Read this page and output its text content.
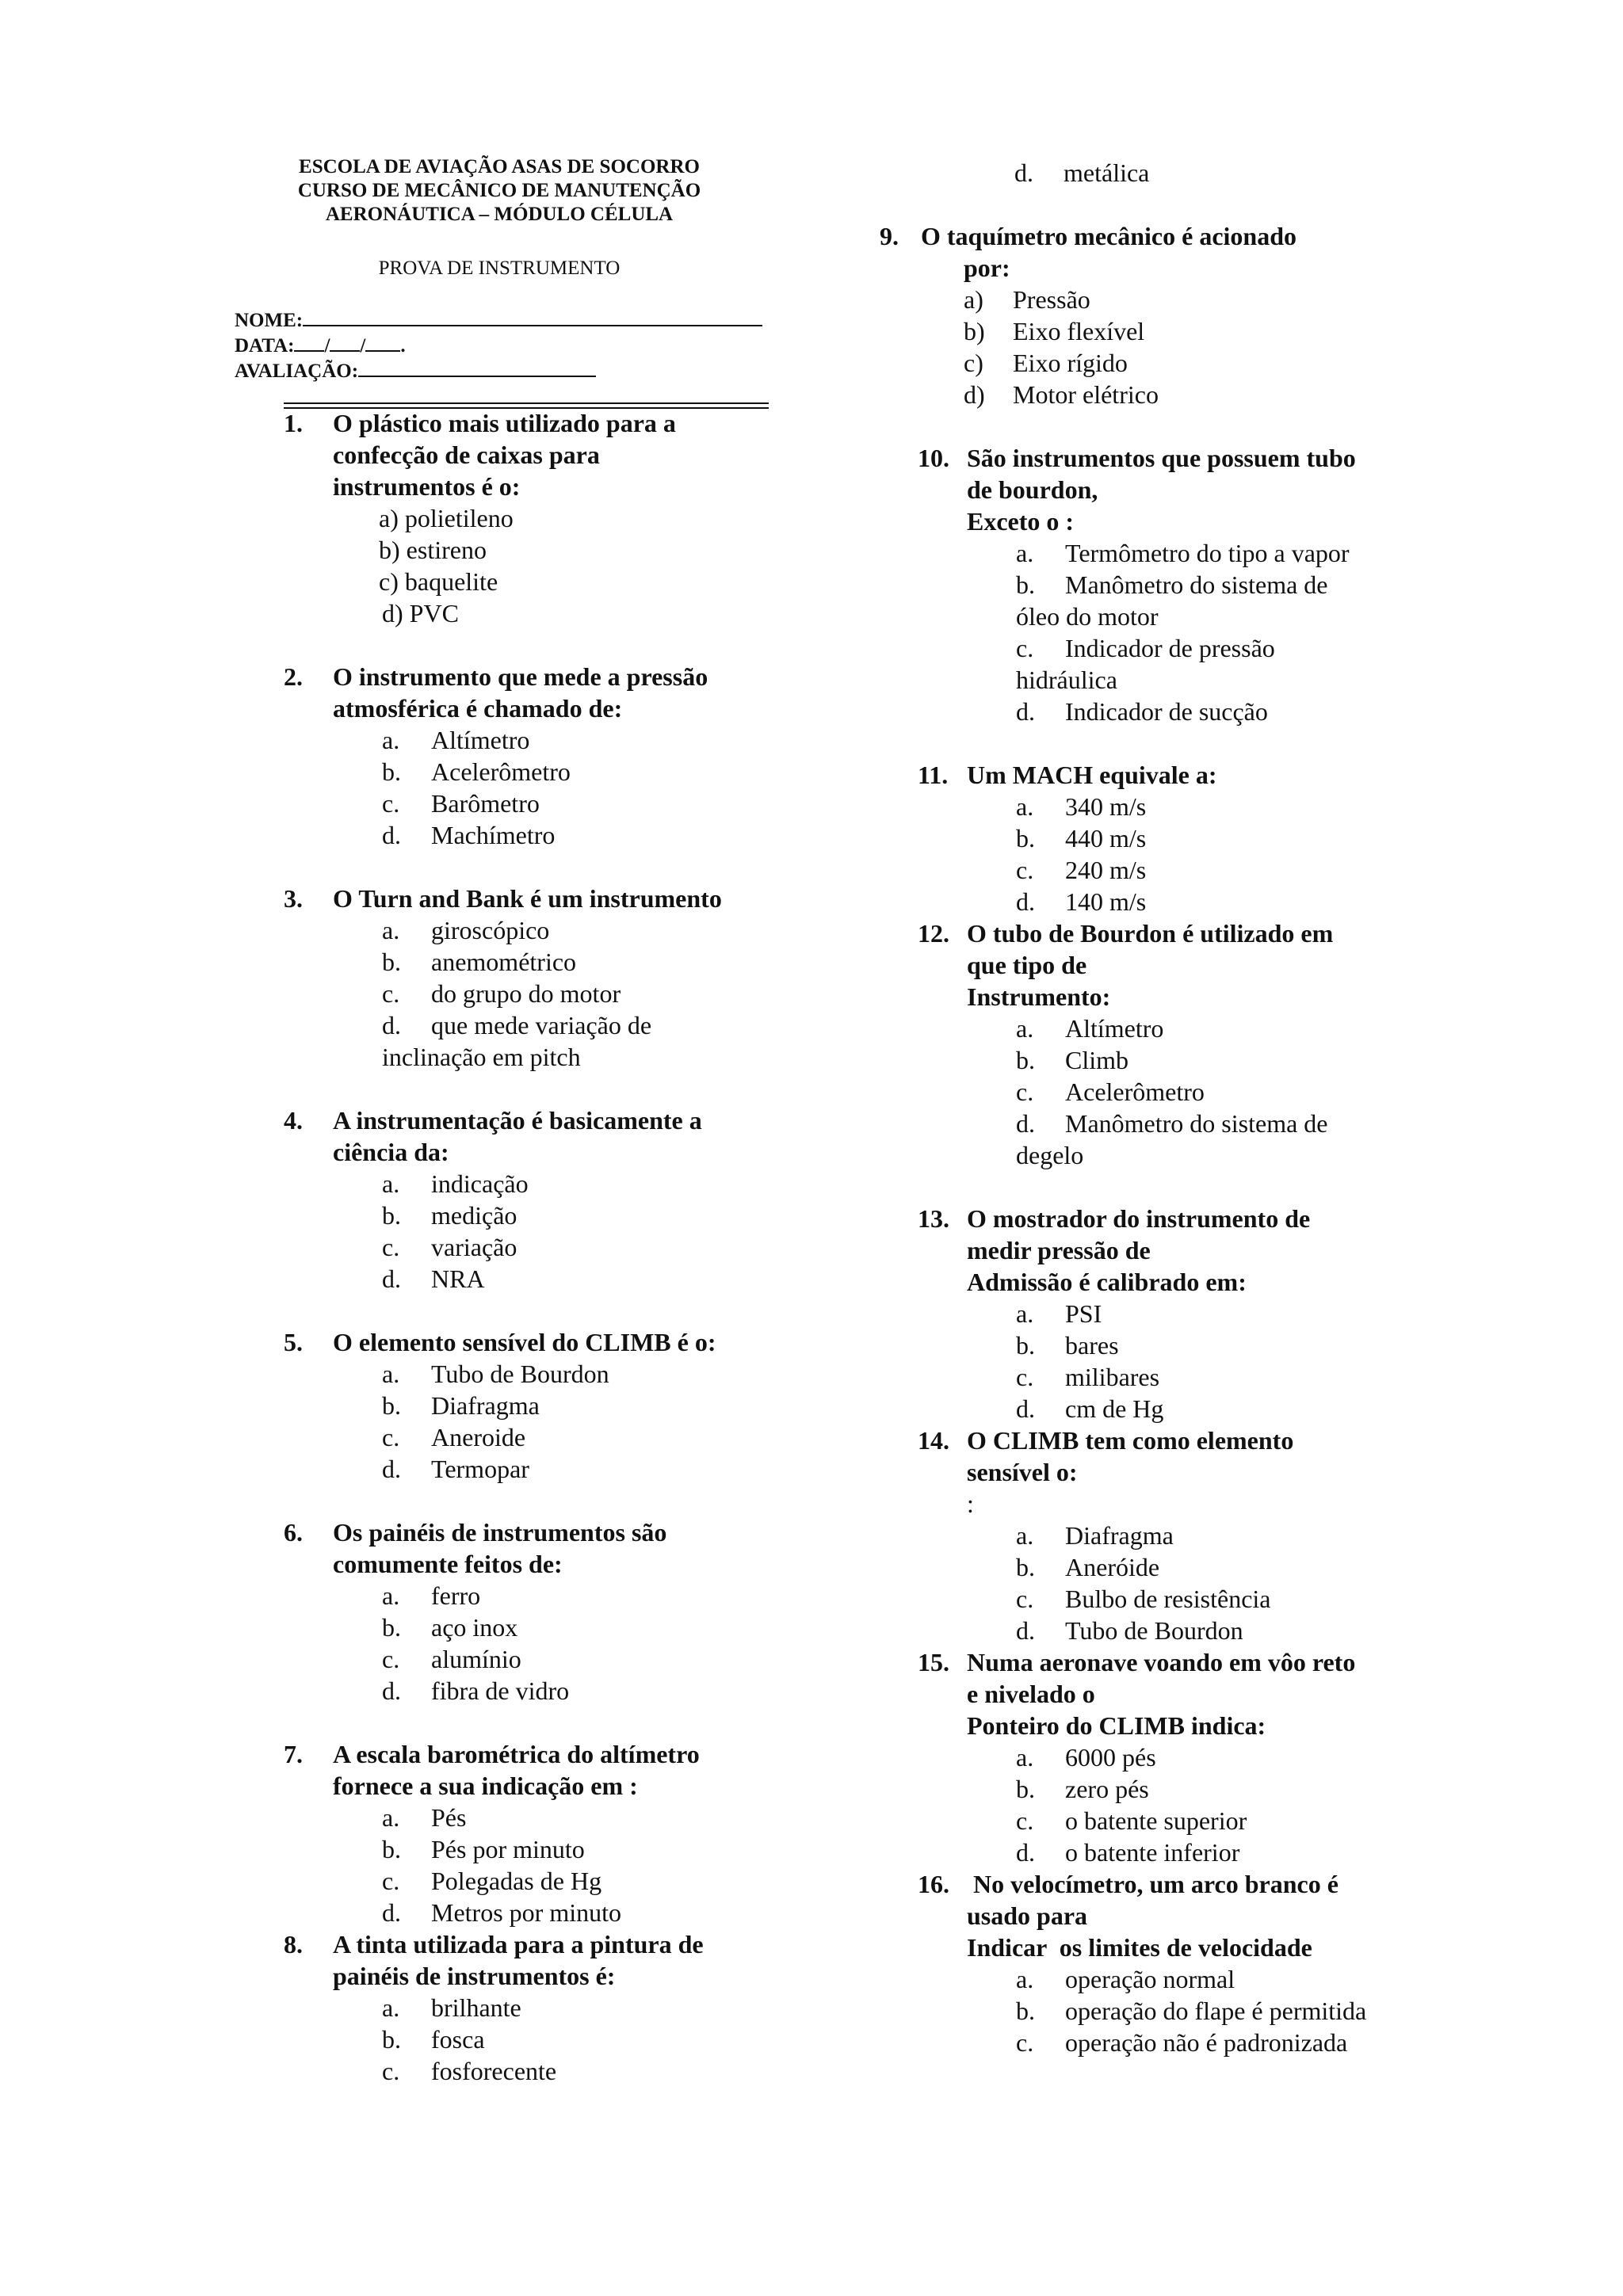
ESCOLA DE AVIAÇÃO ASAS DE SOCORRO
CURSO DE MECÂNICO DE MANUTENÇÃO
AERONÁUTICA – MÓDULO CÉLULA
PROVA DE INSTRUMENTO
NOME:
DATA: / / .
AVALIAÇÃO:
1. O plástico mais utilizado para a
confecção de caixas para
instrumentos é o:
a) polietileno
b) estireno
c) baquelite
d) PVC
2. O instrumento que mede a pressão
atmosférica é chamado de:
a. Altímetro
b. Acelerômetro
c. Barômetro
d. Machímetro
3. O Turn and Bank é um instrumento
a. giroscópico
b. anemométrico
c. do grupo do motor
d. que mede variação de
inclinação em pitch
4. A instrumentação é basicamente a
ciência da:
a. indicação
b. medição
c. variação
d. NRA
5. O elemento sensível do CLIMB é o:
a. Tubo de Bourdon
b. Diafragma
c. Aneroide
d. Termopar
6. Os painéis de instrumentos são
comumente feitos de:
a. ferro
b. aço inox
c. alumínio
d. fibra de vidro
7. A escala barométrica do altímetro
fornece a sua indicação em :
a. Pés
b. Pés por minuto
c. Polegadas de Hg
d. Metros por minuto
8. A tinta utilizada para a pintura de
painéis de instrumentos é:
a. brilhante
b. fosca
c. fosforecente
d. metálica
9. O taquímetro mecânico é acionado
por:
a) Pressão
b) Eixo flexível
c) Eixo rígido
d) Motor elétrico
10. São instrumentos que possuem tubo
de bourdon,
Exceto o :
a. Termômetro do tipo a vapor
b. Manômetro do sistema de
óleo do motor
c. Indicador de pressão
hidráulica
d. Indicador de sucção
11. Um MACH equivale a:
a. 340 m/s
b. 440 m/s
c. 240 m/s
d. 140 m/s
12. O tubo de Bourdon é utilizado em
que tipo de
Instrumento:
a. Altímetro
b. Climb
c. Acelerômetro
d. Manômetro do sistema de
degelo
13. O mostrador do instrumento de
medir pressão de
Admissão é calibrado em:
a. PSI
b. bares
c. milibares
d. cm de Hg
14. O CLIMB tem como elemento
sensível o:
:
a. Diafragma
b. Aneróide
c. Bulbo de resistência
d. Tubo de Bourdon
15. Numa aeronave voando em vôo reto
e nivelado o
Ponteiro do CLIMB indica:
a. 6000 pés
b. zero pés
c. o batente superior
d. o batente inferior
16. No velocímetro, um arco branco é
usado para
Indicar  os limites de velocidade
a. operação normal
b. operação do flape é permitida
c. operação não é padronizada
